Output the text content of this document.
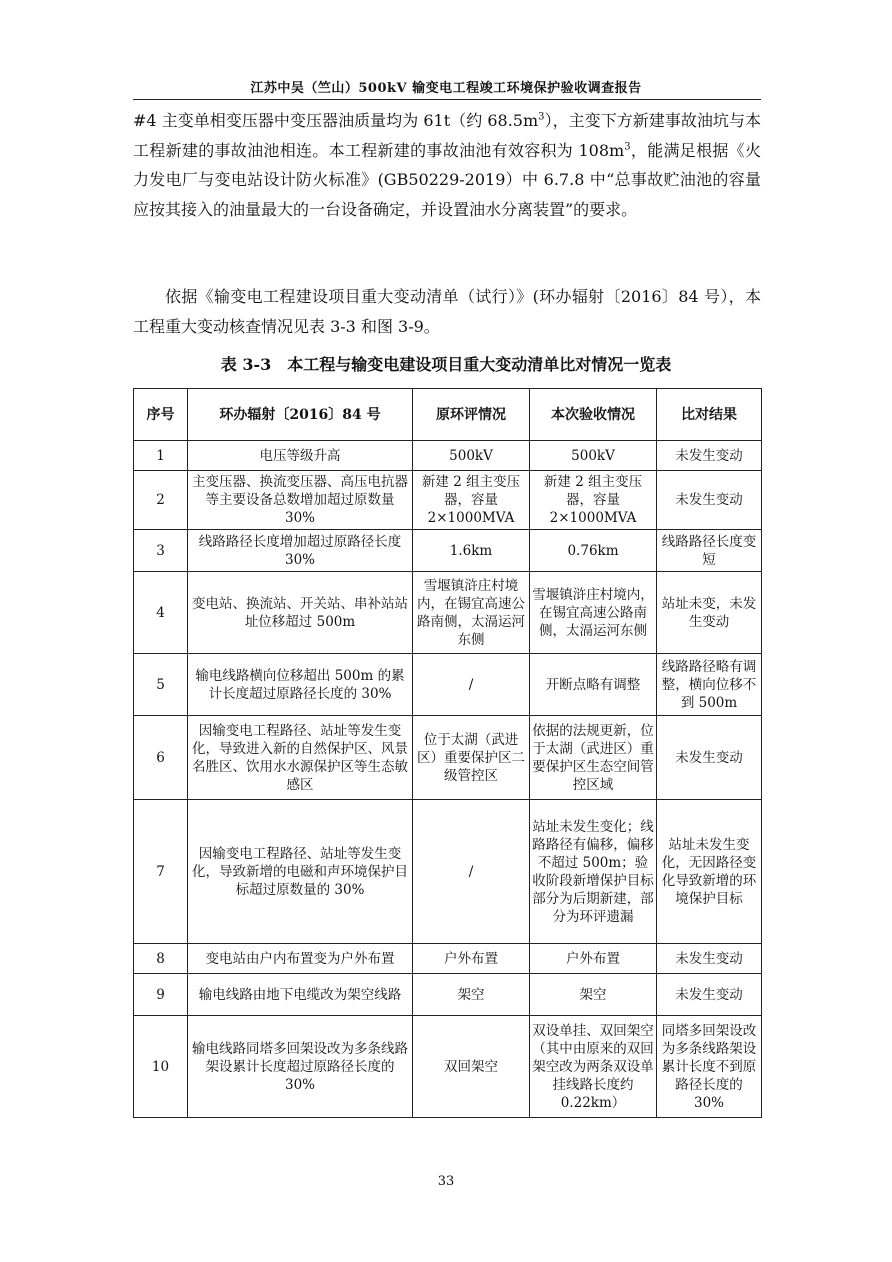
江苏中吴（竺山）500kV 输变电工程竣工环境保护验收调查报告
#4 主变单相变压器中变压器油质量均为 61t（约 $68.5m^3$），主变下方新建事故油坑与本工程新建的事故油池相连。本工程新建的事故油池有效容积为 $108m^3$，能满足根据《火力发电厂与变电站设计防火标准》(GB50229-2019）中 6.7.8 中“总事故贮油池的容量应按其接入的油量最大的一台设备确定，并设置油水分离装置”的要求。
依据《输变电工程建设项目重大变动清单（试行）》(环办辐射〔2016〕84 号），本工程重大变动核查情况见表 3-3 和图 3-9。
表 3-3　本工程与输变电建设项目重大变动清单比对情况一览表
序号	环办辐射〔2016〕84 号	原环评情况	本次验收情况	比对结果
1	电压等级升高	500kV	500kV	未发生变动
2	主变压器、换流变压器、高压电抗器等主要设备总数增加超过原数量 30%	新建 2 组主变压器，容量 2×1000MVA	新建 2 组主变压器，容量 2×1000MVA	未发生变动
3	线路路径长度增加超过原路径长度 30%	1.6km	0.76km	线路路径长度变短
4	变电站、换流站、开关站、串补站站址位移超过 500m	雪堰镇浒庄村境内，在锡宜高速公路南侧，太滆运河东侧	雪堰镇浒庄村境内，在锡宜高速公路南侧，太滆运河东侧	站址未变，未发生变动
5	输电线路横向位移超出 500m 的累计长度超过原路径长度的 30%	/	开断点略有调整	线路路径略有调整，横向位移不到 500m
6	因输变电工程路径、站址等发生变化，导致进入新的自然保护区、风景名胜区、饮用水水源保护区等生态敏感区	位于太湖（武进区）重要保护区二级管控区	依据的法规更新，位于太湖（武进区）重要保护区生态空间管控区域	未发生变动
7	因输变电工程路径、站址等发生变化，导致新增的电磁和声环境保护目标超过原数量的 30%	/	站址未发生变化；线路路径有偏移，偏移不超过 500m；验收阶段新增保护目标部分为后期新建，部分为环评遗漏	站址未发生变化，无因路径变化导致新增的环境保护目标
8	变电站由户内布置变为户外布置	户外布置	户外布置	未发生变动
9	输电线路由地下电缆改为架空线路	架空	架空	未发生变动
10	输电线路同塔多回架设改为多条线路架设累计长度超过原路径长度的 30%	双回架空	双设单挂、双回架空（其中由原来的双回架空改为两条双设单挂线路长度约 0.22km）	同塔多回架设改为多条线路架设累计长度不到原路径长度的 30%
33
